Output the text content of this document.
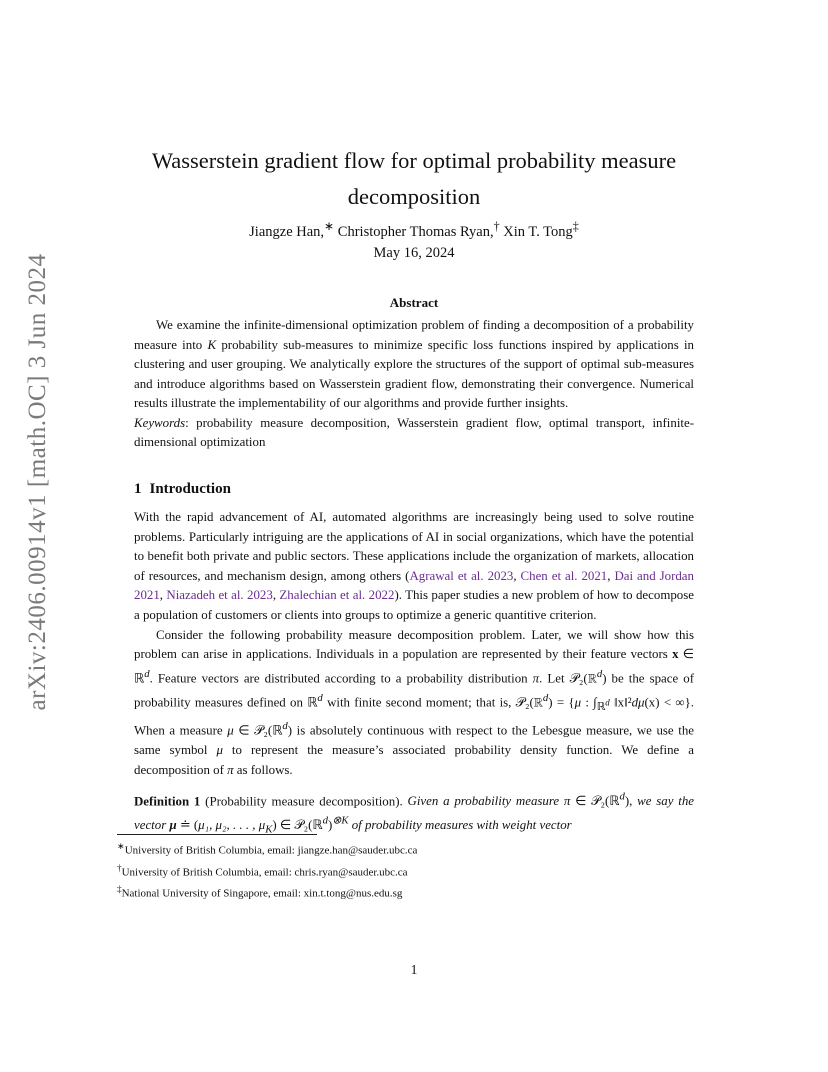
arXiv:2406.00914v1 [math.OC] 3 Jun 2024
Wasserstein gradient flow for optimal probability measure
decomposition
Jiangze Han,∗ Christopher Thomas Ryan,† Xin T. Tong‡
May 16, 2024
Abstract

We examine the infinite-dimensional optimization problem of finding a decomposition of a probability measure into K probability sub-measures to minimize specific loss functions inspired by applications in clustering and user grouping. We analytically explore the structures of the support of optimal sub-measures and introduce algorithms based on Wasserstein gradient flow, demonstrating their convergence. Numerical results illustrate the implementability of our algorithms and provide further insights.

Keywords: probability measure decomposition, Wasserstein gradient flow, optimal transport, infinite-dimensional optimization

1 Introduction

With the rapid advancement of AI, automated algorithms are increasingly being used to solve routine problems. Particularly intriguing are the applications of AI in social organizations, which have the potential to benefit both private and public sectors. These applications include the organization of markets, allocation of resources, and mechanism design, among others (Agrawal et al. 2023, Chen et al. 2021, Dai and Jordan 2021, Niazadeh et al. 2023, Zhalechian et al. 2022). This paper studies a new problem of how to decompose a population of customers or clients into groups to optimize a generic quantitive criterion.

Consider the following probability measure decomposition problem. Later, we will show how this problem can arise in applications. Individuals in a population are represented by their feature vectors x ∈ ℝ$^d$. Feature vectors are distributed according to a probability distribution π. Let 𝒫₂(ℝ$^d$) be the space of probability measures defined on ℝ$^d$ with finite second moment; that is, 𝒫₂(ℝ$^d$) = {μ : $\int_{ℝ^d}$ ‖x‖²dμ(x) < ∞}. When a measure μ ∈ 𝒫₂(ℝ$^d$) is absolutely continuous with respect to the Lebesgue measure, we use the same symbol μ to represent the measure’s associated probability density function. We define a decomposition of π as follows.

Definition 1 (Probability measure decomposition). Given a probability measure π ∈ 𝒫₂(ℝ$^d$), we say the vector μ ≐ (μ₁, μ₂, . . . , $\mu_K$) ∈ 𝒫₂(ℝ$^d$)$^{\otimes K}$ of probability measures with weight vector

∗University of British Columbia, email: jiangze.han@sauder.ubc.ca
†University of British Columbia, email: chris.ryan@sauder.ubc.ca
‡National University of Singapore, email: xin.t.tong@nus.edu.sg
1
